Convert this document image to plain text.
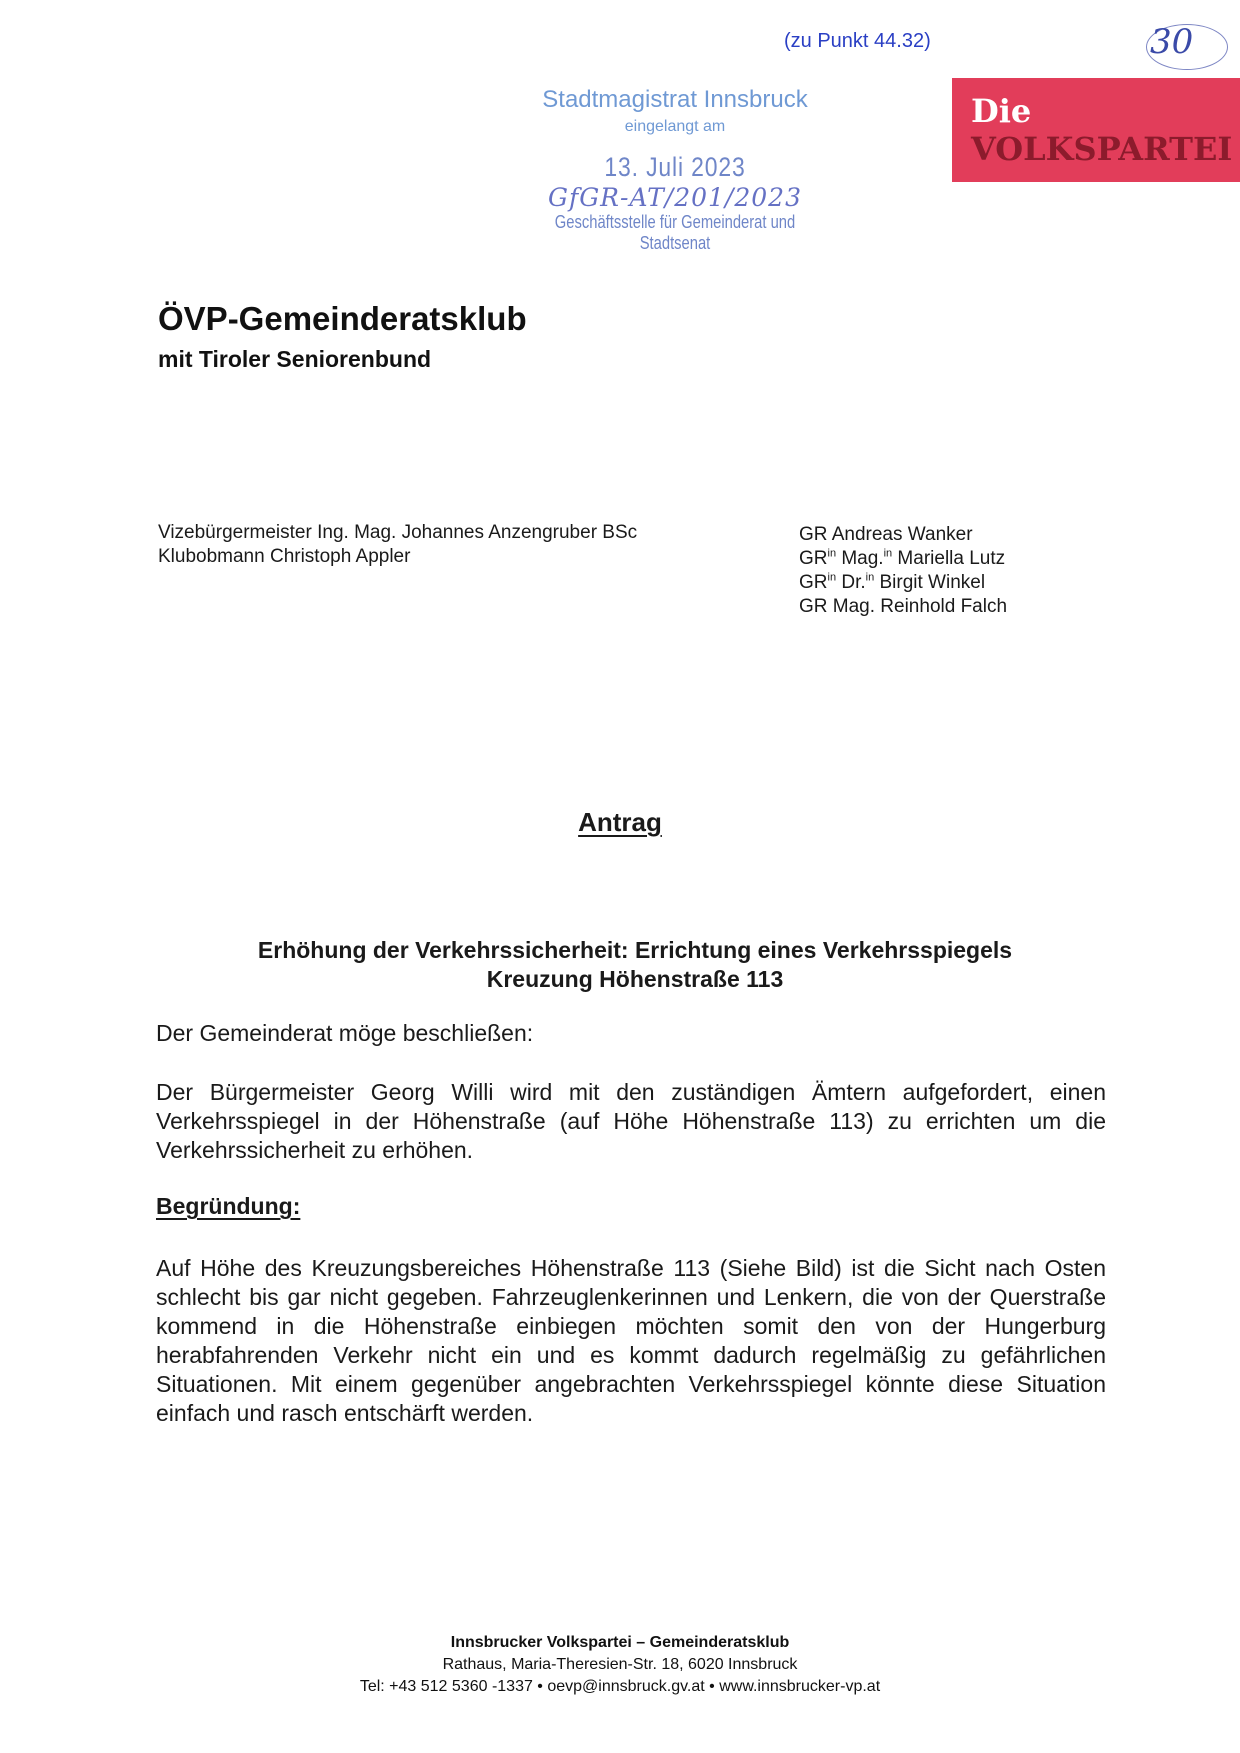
(zu Punkt 44.32)	30
Die
VOLKSPARTEI
Stadtmagistrat Innsbruck
eingelangt am
13. Juli 2023
GfGR-AT/201/2023
Geschäftsstelle für Gemeinderat und Stadtsenat
ÖVP-Gemeinderatsklub
mit Tiroler Seniorenbund
Vizebürgermeister Ing. Mag. Johannes Anzengruber BSc
Klubobmann Christoph Appler
GR Andreas Wanker
$GR^{in}$ Mag.$^{in}$ Mariella Lutz
$GR^{in}$ Dr.$^{in}$ Birgit Winkel
GR Mag. Reinhold Falch
Antrag
Erhöhung der Verkehrssicherheit: Errichtung eines Verkehrsspiegels
Kreuzung Höhenstraße 113
Der Gemeinderat möge beschließen:
Der Bürgermeister Georg Willi wird mit den zuständigen Ämtern aufgefordert, einen Verkehrsspiegel in der Höhenstraße (auf Höhe Höhenstraße 113) zu errichten um die Verkehrssicherheit zu erhöhen.
Begründung:
Auf Höhe des Kreuzungsbereiches Höhenstraße 113 (Siehe Bild) ist die Sicht nach Osten schlecht bis gar nicht gegeben. Fahrzeuglenkerinnen und Lenkern, die von der Querstraße kommend in die Höhenstraße einbiegen möchten somit den von der Hungerburg herabfahrenden Verkehr nicht ein und es kommt dadurch regelmäßig zu gefährlichen Situationen. Mit einem gegenüber angebrachten Verkehrsspiegel könnte diese Situation einfach und rasch entschärft werden.
Innsbrucker Volkspartei – Gemeinderatsklub
Rathaus, Maria-Theresien-Str. 18, 6020 Innsbruck
Tel: +43 512 5360 -1337 • oevp@innsbruck.gv.at • www.innsbrucker-vp.at
